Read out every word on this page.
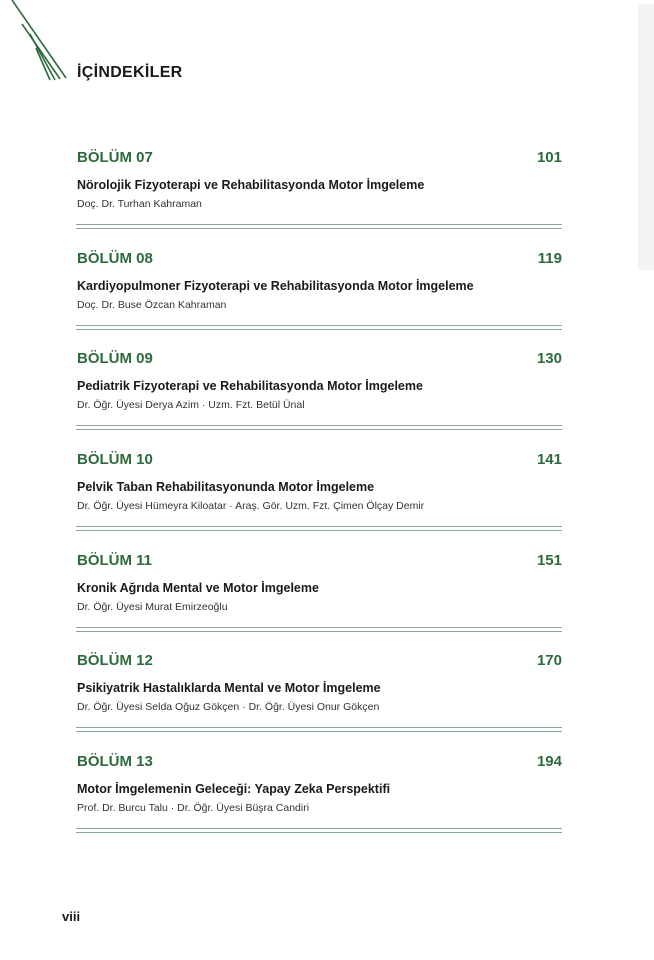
İÇİNDEKİLER
BÖLÜM 07	101
Nörolojik Fizyoterapi ve Rehabilitasyonda Motor İmgeleme
Doç. Dr. Turhan Kahraman
BÖLÜM 08	119
Kardiyopulmoner Fizyoterapi ve Rehabilitasyonda Motor İmgeleme
Doç. Dr. Buse Özcan Kahraman
BÖLÜM 09	130
Pediatrik Fizyoterapi ve Rehabilitasyonda Motor İmgeleme
Dr. Öğr. Üyesi Derya Azim · Uzm. Fzt. Betül Ünal
BÖLÜM 10	141
Pelvik Taban Rehabilitasyonunda Motor İmgeleme
Dr. Öğr. Üyesi Hümeyra Kiloatar · Araş. Gör. Uzm. Fzt. Çimen Ölçay Demir
BÖLÜM 11	151
Kronik Ağrıda Mental ve Motor İmgeleme
Dr. Öğr. Üyesi Murat Emirzeoğlu
BÖLÜM 12	170
Psikiyatrik Hastalıklarda Mental ve Motor İmgeleme
Dr. Öğr. Üyesi Selda Oğuz Gökçen · Dr. Öğr. Üyesi Onur Gökçen
BÖLÜM 13	194
Motor İmgelemenin Geleceği: Yapay Zeka Perspektifi
Prof. Dr. Burcu Talu · Dr. Öğr. Üyesi Büşra Candiri
viii
